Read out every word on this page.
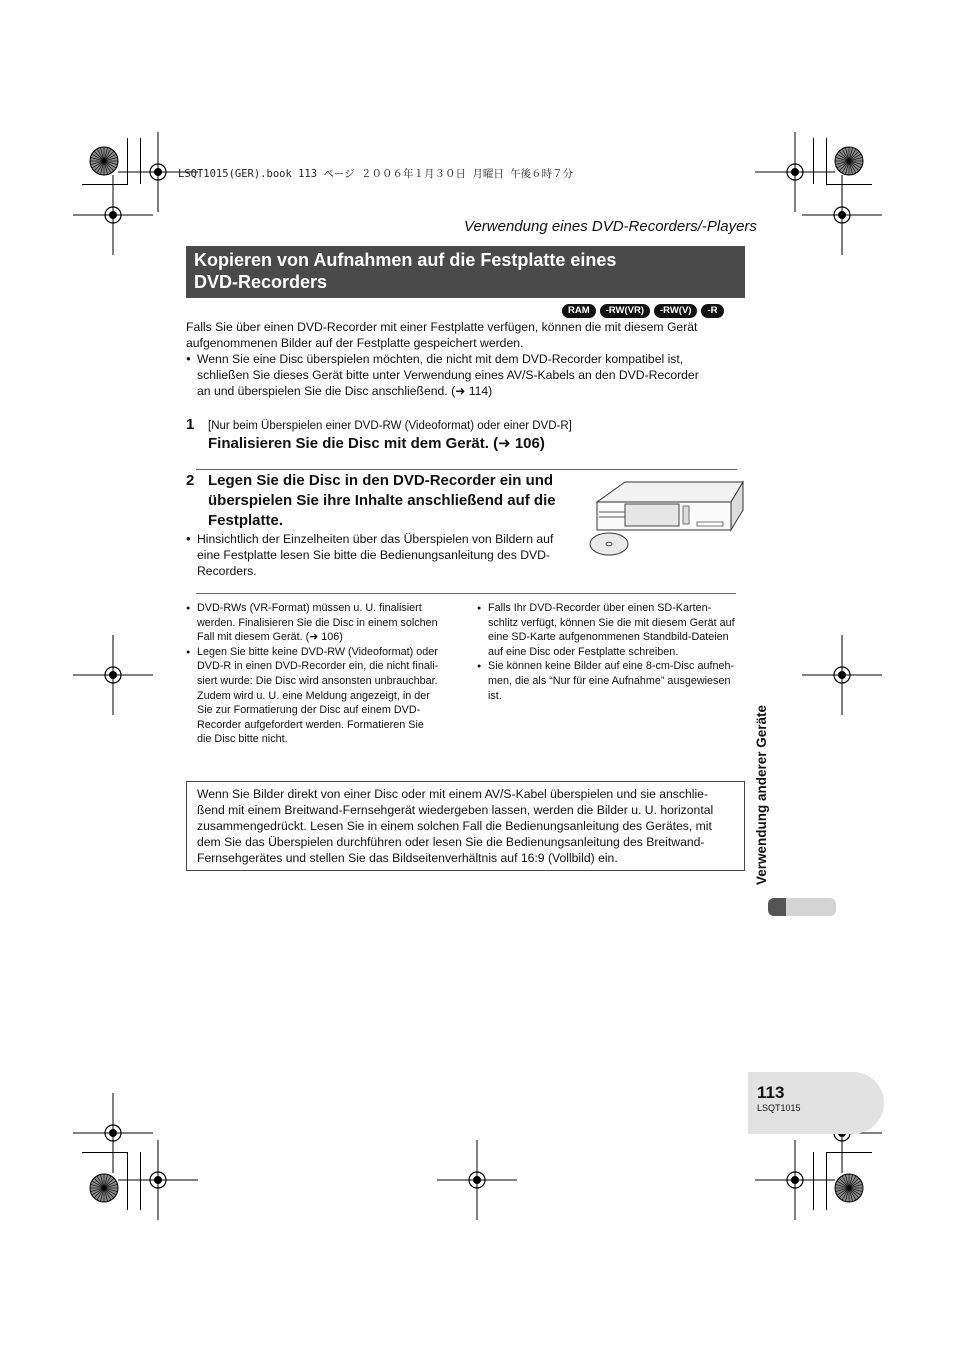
LSQT1015(GER).book 113 ページ ２００６年１月３０日 月曜日 午後６時７分
Verwendung eines DVD-Recorders/-Players
Kopieren von Aufnahmen auf die Festplatte eines
DVD-Recorders
RAM	-RW(VR)	-RW(V)	-R
Falls Sie über einen DVD-Recorder mit einer Festplatte verfügen, können die mit diesem Gerät
aufgenommenen Bilder auf der Festplatte gespeichert werden.
● Wenn Sie eine Disc überspielen möchten, die nicht mit dem DVD-Recorder kompatibel ist,
schließen Sie dieses Gerät bitte unter Verwendung eines AV/S-Kabels an den DVD-Recorder
an und überspielen Sie die Disc anschließend. (➜ 114)
1 [Nur beim Überspielen einer DVD-RW (Videoformat) oder einer DVD-R]
Finalisieren Sie die Disc mit dem Gerät. (➜ 106)
2 Legen Sie die Disc in den DVD-Recorder ein und
überspielen Sie ihre Inhalte anschließend auf die
Festplatte.
● Hinsichtlich der Einzelheiten über das Überspielen von Bildern auf
eine Festplatte lesen Sie bitte die Bedienungsanleitung des DVD-
Recorders.
● DVD-RWs (VR-Format) müssen u. U. finalisiert
werden. Finalisieren Sie die Disc in einem solchen
Fall mit diesem Gerät. (➜ 106)
● Legen Sie bitte keine DVD-RW (Videoformat) oder
DVD-R in einen DVD-Recorder ein, die nicht finali-
siert wurde: Die Disc wird ansonsten unbrauchbar.
Zudem wird u. U. eine Meldung angezeigt, in der
Sie zur Formatierung der Disc auf einem DVD-
Recorder aufgefordert werden. Formatieren Sie
die Disc bitte nicht.
● Falls Ihr DVD-Recorder über einen SD-Karten-
schlitz verfügt, können Sie die mit diesem Gerät auf
eine SD-Karte aufgenommenen Standbild-Dateien
auf eine Disc oder Festplatte schreiben.
● Sie können keine Bilder auf eine 8-cm-Disc aufneh-
men, die als “Nur für eine Aufnahme” ausgewiesen
ist.
Wenn Sie Bilder direkt von einer Disc oder mit einem AV/S-Kabel überspielen und sie anschlie-
ßend mit einem Breitwand-Fernsehgerät wiedergeben lassen, werden die Bilder u. U. horizontal
zusammengedrückt. Lesen Sie in einem solchen Fall die Bedienungsanleitung des Gerätes, mit
dem Sie das Überspielen durchführen oder lesen Sie die Bedienungsanleitung des Breitwand-
Fernsehgerätes und stellen Sie das Bildseitenverhältnis auf 16:9 (Vollbild) ein.	Verwendung anderer Geräte
113
LSQT1015
